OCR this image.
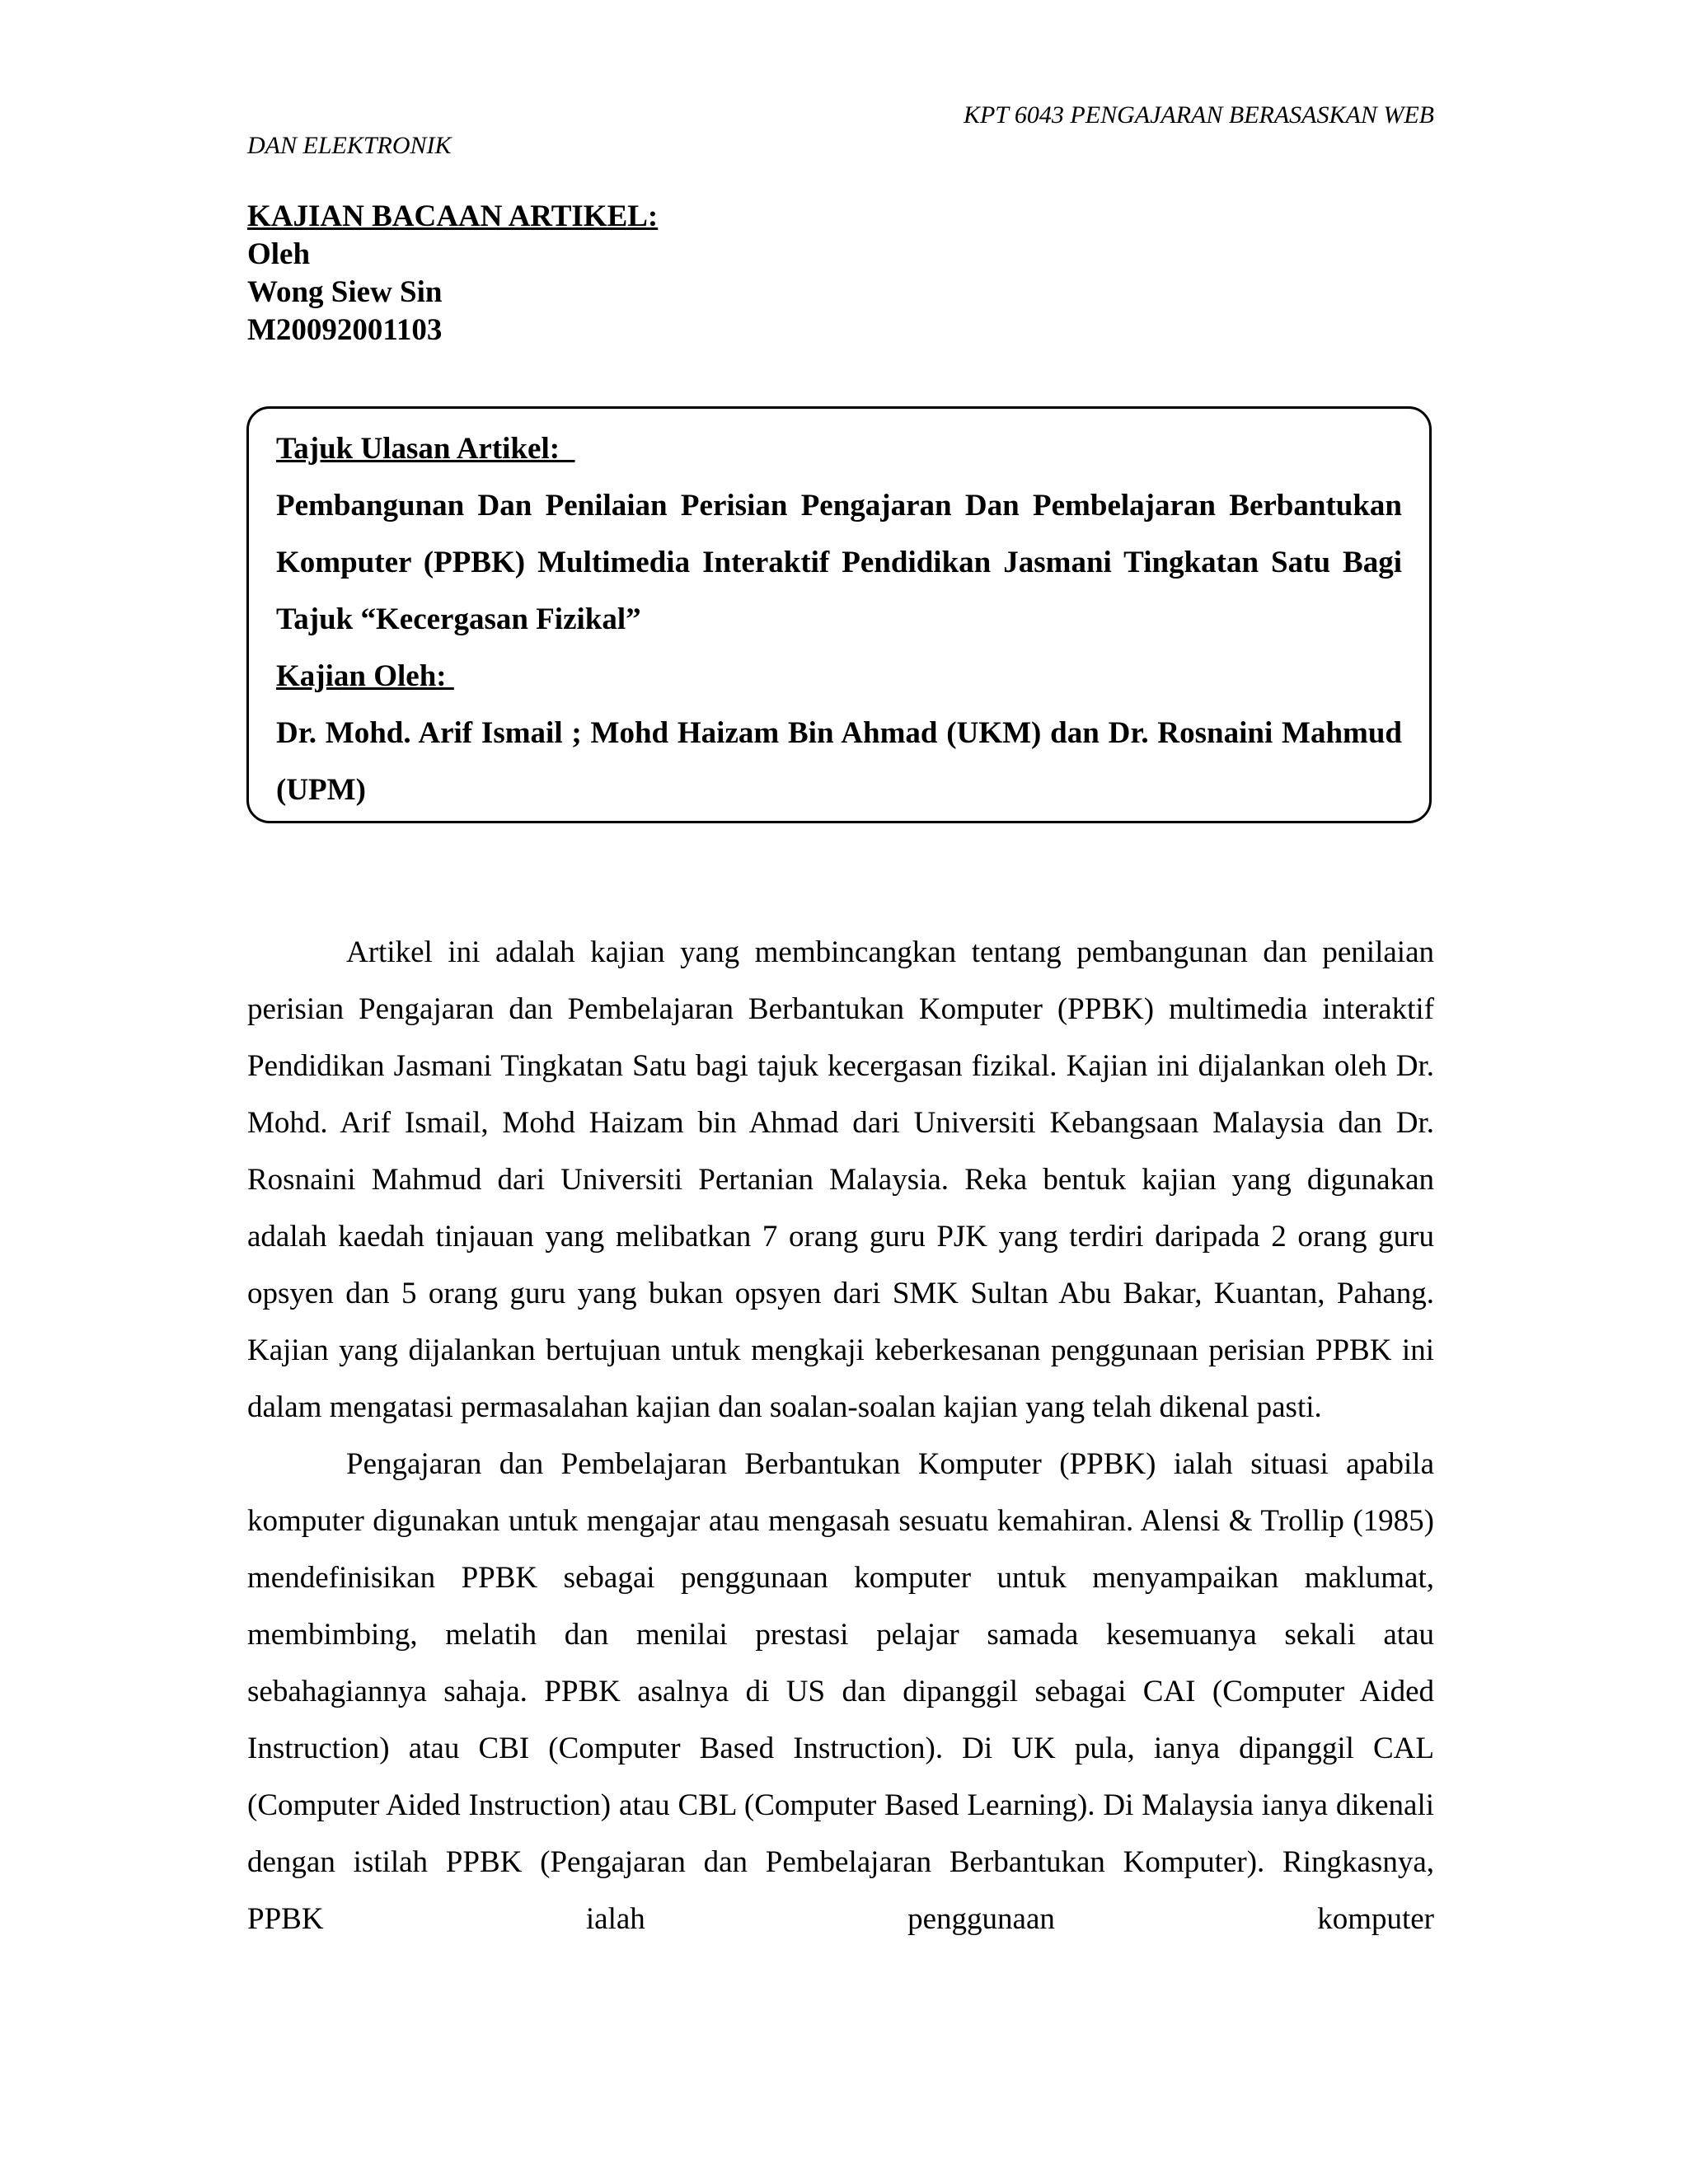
KPT 6043 PENGAJARAN BERASASKAN WEB
DAN ELEKTRONIK
KAJIAN BACAAN ARTIKEL:
Oleh
Wong Siew Sin
M20092001103
Tajuk Ulasan Artikel:
Pembangunan Dan Penilaian Perisian Pengajaran Dan Pembelajaran Berbantukan Komputer (PPBK) Multimedia Interaktif Pendidikan Jasmani Tingkatan Satu Bagi Tajuk “Kecergasan Fizikal”
Kajian Oleh:
Dr. Mohd. Arif Ismail ; Mohd Haizam Bin Ahmad (UKM) dan Dr. Rosnaini Mahmud (UPM)

Artikel ini adalah kajian yang membincangkan tentang pembangunan dan penilaian perisian Pengajaran dan Pembelajaran Berbantukan Komputer (PPBK) multimedia interaktif Pendidikan Jasmani Tingkatan Satu bagi tajuk kecergasan fizikal. Kajian ini dijalankan oleh Dr. Mohd. Arif Ismail, Mohd Haizam bin Ahmad dari Universiti Kebangsaan Malaysia dan Dr. Rosnaini Mahmud dari Universiti Pertanian Malaysia. Reka bentuk kajian yang digunakan adalah kaedah tinjauan yang melibatkan 7 orang guru PJK yang terdiri daripada 2 orang guru opsyen dan 5 orang guru yang bukan opsyen dari SMK Sultan Abu Bakar, Kuantan, Pahang. Kajian yang dijalankan bertujuan untuk mengkaji keberkesanan penggunaan perisian PPBK ini dalam mengatasi permasalahan kajian dan soalan-soalan kajian yang telah dikenal pasti.

Pengajaran dan Pembelajaran Berbantukan Komputer (PPBK) ialah situasi apabila komputer digunakan untuk mengajar atau mengasah sesuatu kemahiran. Alensi & Trollip (1985) mendefinisikan PPBK sebagai penggunaan komputer untuk menyampaikan maklumat, membimbing, melatih dan menilai prestasi pelajar samada kesemuanya sekali atau sebahagiannya sahaja. PPBK asalnya di US dan dipanggil sebagai CAI (Computer Aided Instruction) atau CBI (Computer Based Instruction). Di UK pula, ianya dipanggil CAL (Computer Aided Instruction) atau CBL (Computer Based Learning). Di Malaysia ianya dikenali dengan istilah PPBK (Pengajaran dan Pembelajaran Berbantukan Komputer). Ringkasnya, PPBK ialah penggunaan komputer
